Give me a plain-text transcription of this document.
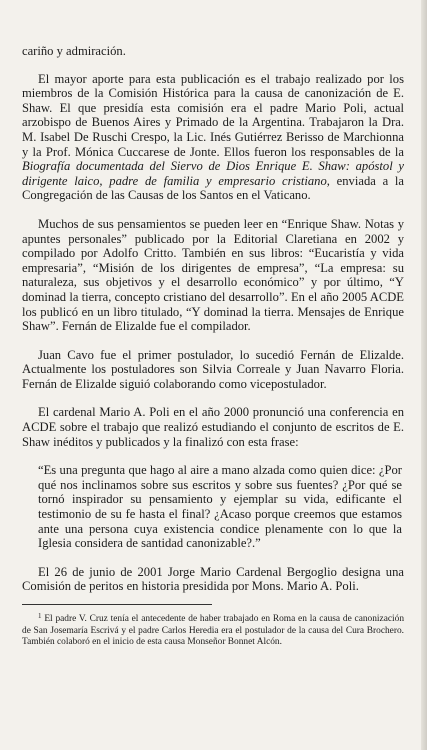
cariño y admiración.

El mayor aporte para esta publicación es el trabajo realizado por los miembros de la Comisión Histórica para la causa de canonización de E. Shaw. El que presidía esta comisión era el padre Mario Poli, actual arzobispo de Buenos Aires y Primado de la Argentina. Trabajaron la Dra. M. Isabel De Ruschi Crespo, la Lic. Inés Gutiérrez Berisso de Marchionna y la Prof. Mónica Cuccarese de Jonte. Ellos fueron los responsables de la Biografía documentada del Siervo de Dios Enrique E. Shaw: apóstol y dirigente laico, padre de familia y empresario cristiano, enviada a la Congregación de las Causas de los Santos en el Vaticano.

Muchos de sus pensamientos se pueden leer en “Enrique Shaw. Notas y apuntes personales” publicado por la Editorial Claretiana en 2002 y compilado por Adolfo Critto. También en sus libros: “Eucaristía y vida empresaria”, “Misión de los dirigentes de empresa”, “La empresa: su naturaleza, sus objetivos y el desarrollo económico” y por último, “Y dominad la tierra, concepto cristiano del desarrollo”. En el año 2005 ACDE los publicó en un libro titulado, “Y dominad la tierra. Mensajes de Enrique Shaw”. Fernán de Elizalde fue el compilador.

Juan Cavo fue el primer postulador, lo sucedió Fernán de Elizalde. Actualmente los postuladores son Silvia Correale y Juan Navarro Floria. Fernán de Elizalde siguió colaborando como vicepostulador.

El cardenal Mario A. Poli en el año 2000 pronunció una conferencia en ACDE sobre el trabajo que realizó estudiando el conjunto de escritos de E. Shaw inéditos y publicados y la finalizó con esta frase:

“Es una pregunta que hago al aire a mano alzada como quien dice: ¿Por qué nos inclinamos sobre sus escritos y sobre sus fuentes? ¿Por qué se tornó inspirador su pensamiento y ejemplar su vida, edificante el testimonio de su fe hasta el final? ¿Acaso porque creemos que estamos ante una persona cuya existencia condice plenamente con lo que la Iglesia considera de santidad canonizable?.”

El 26 de junio de 2001 Jorge Mario Cardenal Bergoglio designa una Comisión de peritos en historia presidida por Mons. Mario A. Poli.

$^1$ El padre V. Cruz tenía el antecedente de haber trabajado en Roma en la causa de canonización de San Josemaría Escrivá y el padre Carlos Heredia era el postulador de la causa del Cura Brochero. También colaboró en el inicio de esta causa Monseñor Bonnet Alcón.
